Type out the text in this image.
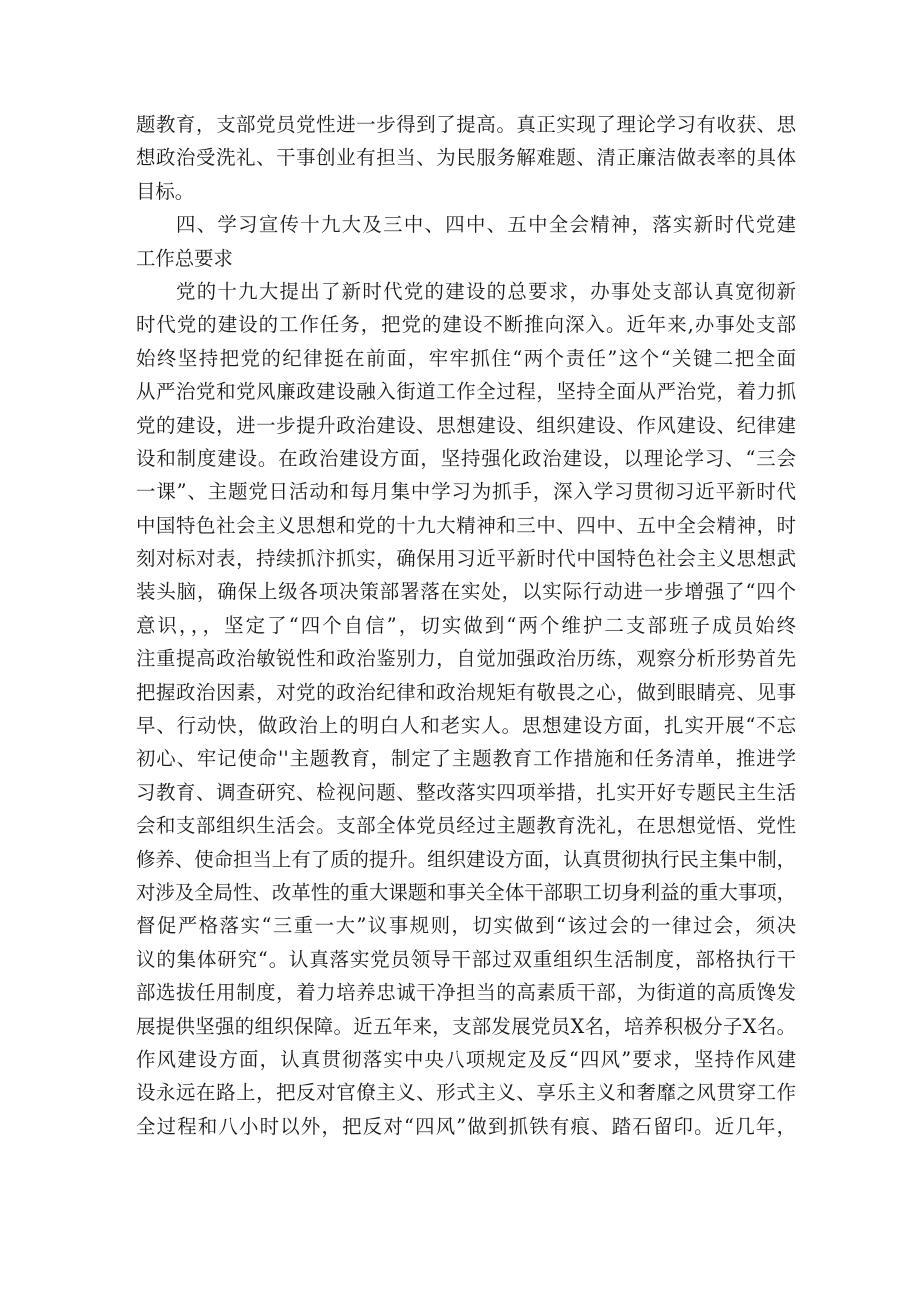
题教育，支部党员党性进一步得到了提高。真正实现了理论学习有收获、思
想政治受洗礼、干事创业有担当、为民服务解难题、清正廉洁做表率的具体
目标。
四、学习宣传十九大及三中、四中、五中全会精神，落实新时代党建
工作总要求
党的十九大提出了新时代党的建设的总要求，办事处支部认真宽彻新
时代党的建设的工作任务，把党的建设不断推向深入。近年来,办事处支部
始终坚持把党的纪律挺在前面，牢牢抓住“两个责任”这个“关键二把全面
从严治党和党风廉政建设融入街道工作全过程，坚持全面从严治党，着力抓
党的建设，进一步提升政治建设、思想建设、组织建设、作风建设、纪律建
设和制度建设。在政治建设方面，坚持强化政治建设，以理论学习、“三会
一课”、主题党日活动和每月集中学习为抓手，深入学习贯彻习近平新时代
中国特色社会主义思想和党的十九大精神和三中、四中、五中全会精神，时
刻对标对表，持续抓汴抓实，确保用习近平新时代中国特色社会主义思想武
装头脑，确保上级各项决策部署落在实处，以实际行动进一步增强了“四个
意识，，，坚定了“四个自信”，切实做到“两个维护二支部班子成员始终
注重提高政治敏锐性和政治鉴别力，自觉加强政治历练，观察分析形势首先
把握政治因素，对党的政治纪律和政治规矩有敬畏之心，做到眼睛亮、见事
早、行动快，做政治上的明白人和老实人。思想建设方面，扎实开展“不忘
初心、牢记使命''主题教育，制定了主题教育工作措施和任务清单，推进学
习教育、调查研究、检视问题、整改落实四项举措，扎实开好专题民主生活
会和支部组织生活会。支部全体党员经过主题教育洗礼，在思想觉悟、党性
修养、使命担当上有了质的提升。组织建设方面，认真贯彻执行民主集中制，
对涉及全局性、改革性的重大课题和事关全体干部职工切身利益的重大事项，
督促严格落实“三重一大”议事规则，切实做到“该过会的一律过会，须决
议的集体研究“。认真落实党员领导干部过双重组织生活制度，部格执行干
部选拔任用制度，着力培养忠诚干净担当的高素质干部，为街道的高质馋发
展提供坚强的组织保障。近五年来，支部发展党员X名，培养积极分子X名。
作风建设方面，认真贯彻落实中央八项规定及反“四风”要求，坚持作风建
设永远在路上，把反对官僚主义、形式主义、享乐主义和奢靡之风贯穿工作
全过程和八小时以外，把反对“四风”做到抓铁有痕、踏石留印。近几年，
